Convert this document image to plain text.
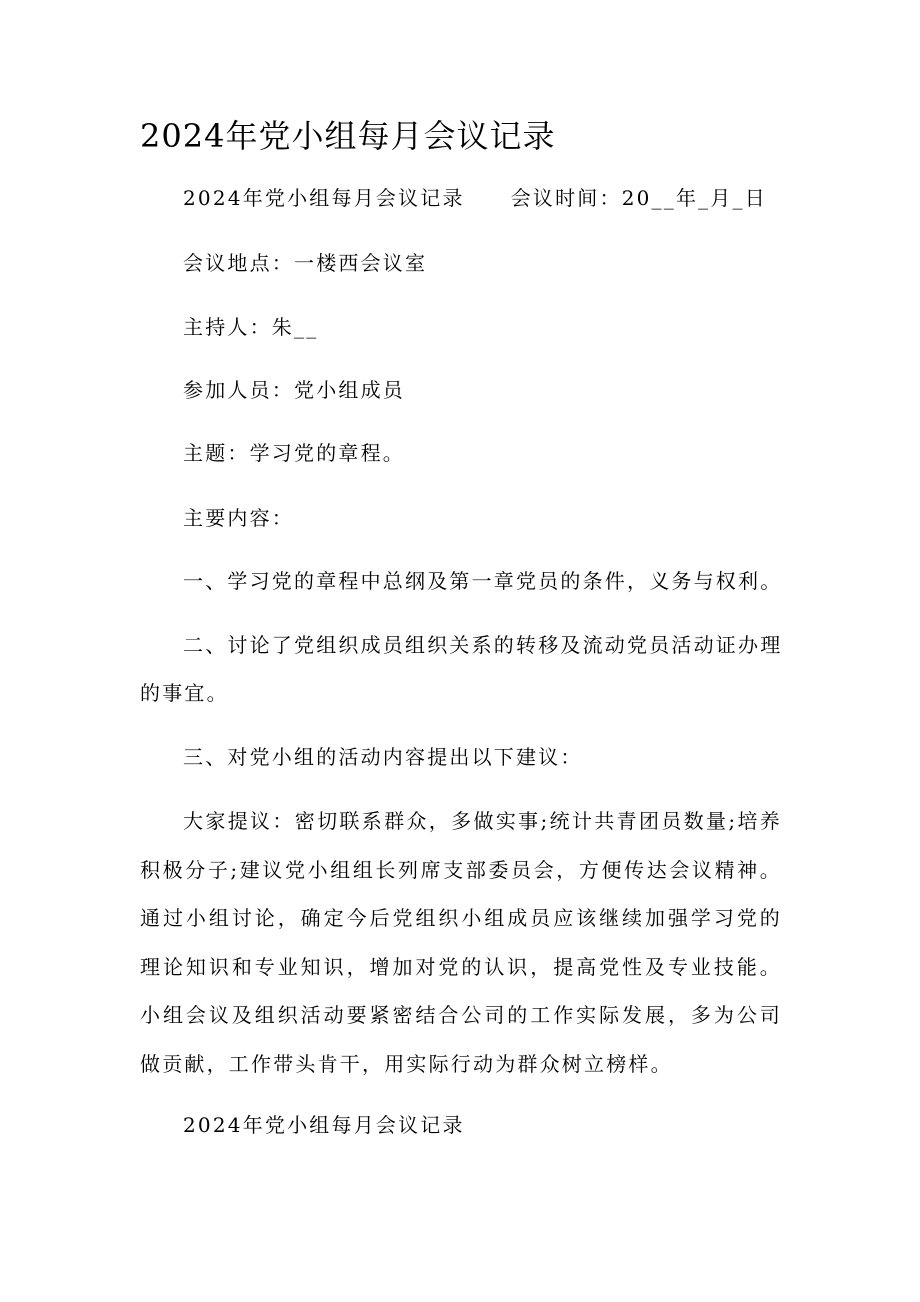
2024年党小组每月会议记录
2024年党小组每月会议记录 会议时间：20__年_月_日
会议地点：一楼西会议室
主持人：朱__
参加人员：党小组成员
主题：学习党的章程。
主要内容：
一、学习党的章程中总纲及第一章党员的条件，义务与权利。
二、讨论了党组织成员组织关系的转移及流动党员活动证办理
的事宜。
三、对党小组的活动内容提出以下建议：
大家提议：密切联系群众，多做实事;统计共青团员数量;培养积极分子;建议党小组组长列席支部委员会，方便传达会议精神。通过小组讨论，确定今后党组织小组成员应该继续加强学习党的理论知识和专业知识，增加对党的认识，提高党性及专业技能。小组会议及组织活动要紧密结合公司的工作实际发展，多为公司做贡献，工作带头肯干，用实际行动为群众树立榜样。
2024年党小组每月会议记录
